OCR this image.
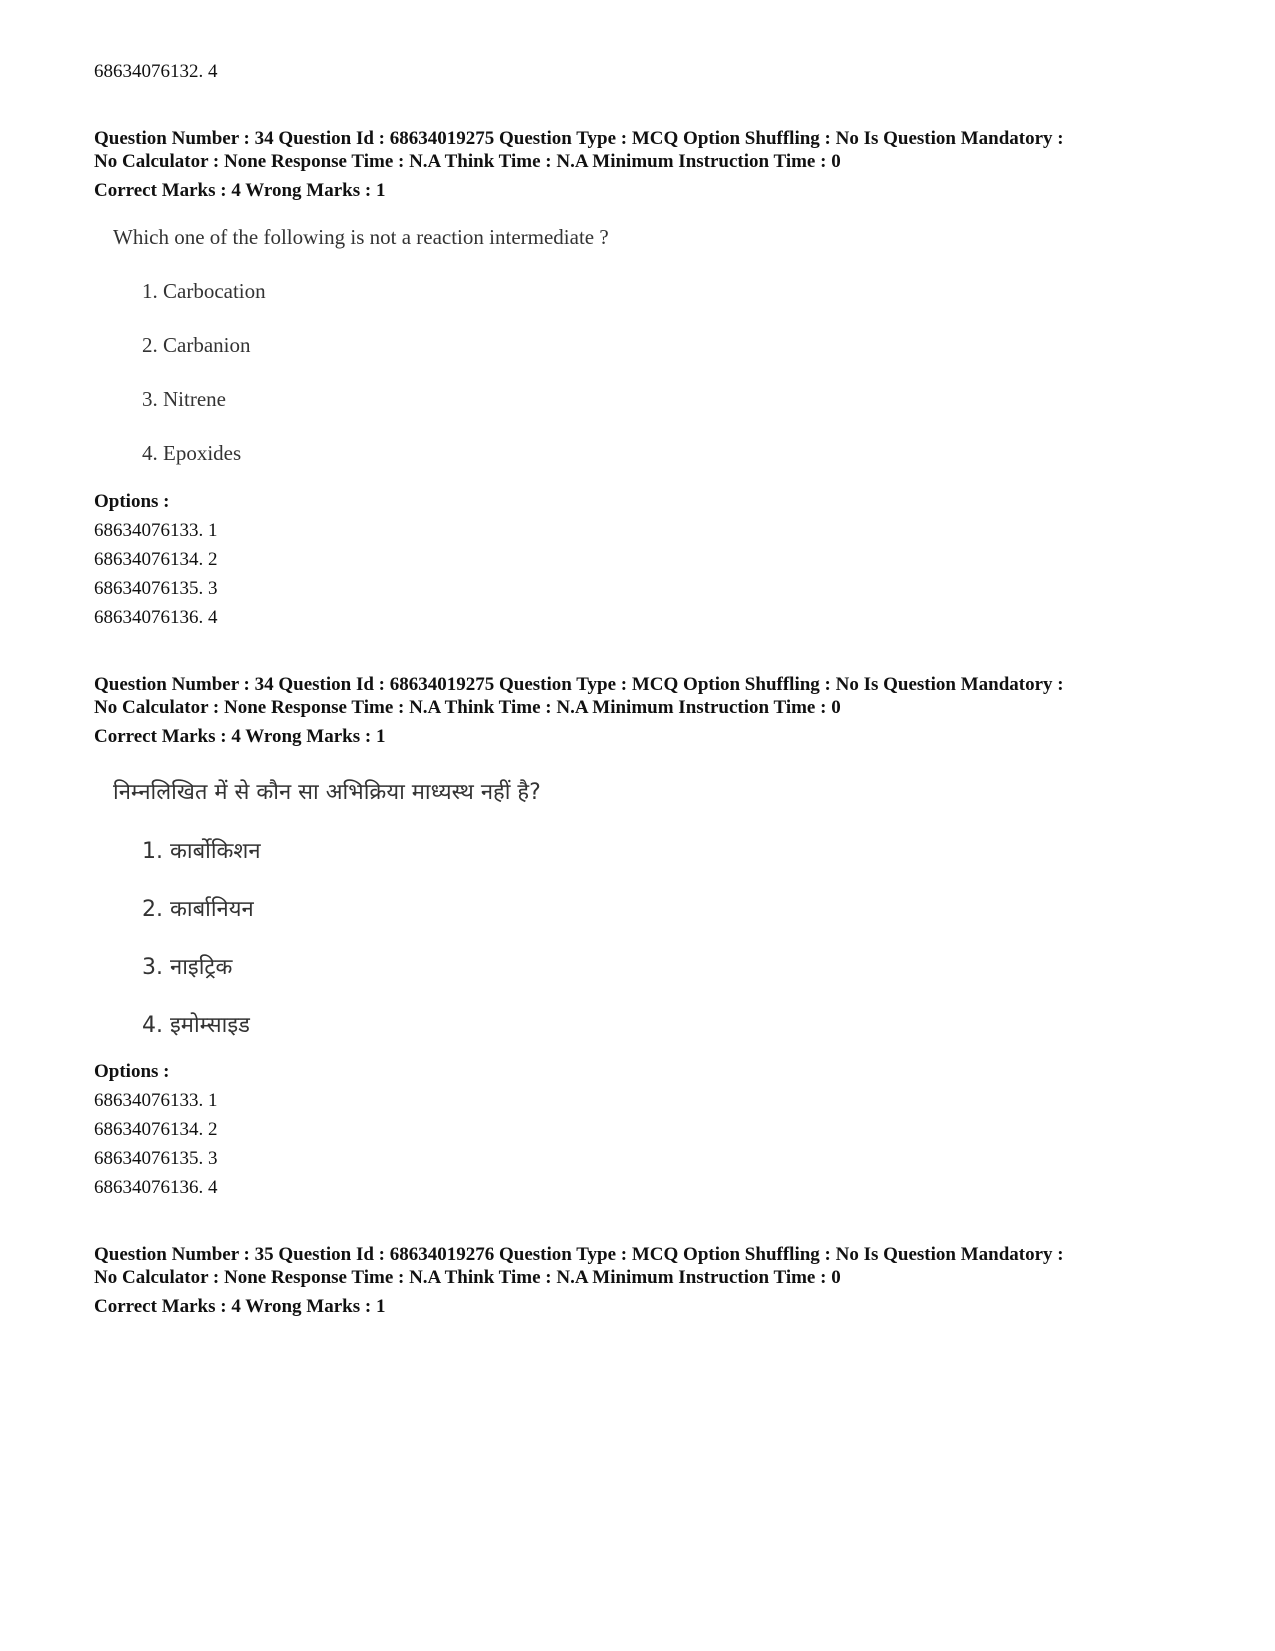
68634076132. 4
Question Number : 34 Question Id : 68634019275 Question Type : MCQ Option Shuffling : No Is Question Mandatory :
No Calculator : None Response Time : N.A Think Time : N.A Minimum Instruction Time : 0
Correct Marks : 4 Wrong Marks : 1
Which one of the following is not a reaction intermediate ?
1. Carbocation
2. Carbanion
3. Nitrene
4. Epoxides
Options :
68634076133. 1
68634076134. 2
68634076135. 3
68634076136. 4
Question Number : 34 Question Id : 68634019275 Question Type : MCQ Option Shuffling : No Is Question Mandatory :
No Calculator : None Response Time : N.A Think Time : N.A Minimum Instruction Time : 0
Correct Marks : 4 Wrong Marks : 1
निम्नलिखित में से कौन सा अभिक्रिया माध्यस्थ नहीं है?
1. कार्बोकिशन
2. कार्बानियन
3. नाइट्रिक
4. इमोम्साइड
Options :
68634076133. 1
68634076134. 2
68634076135. 3
68634076136. 4
Question Number : 35 Question Id : 68634019276 Question Type : MCQ Option Shuffling : No Is Question Mandatory :
No Calculator : None Response Time : N.A Think Time : N.A Minimum Instruction Time : 0
Correct Marks : 4 Wrong Marks : 1
